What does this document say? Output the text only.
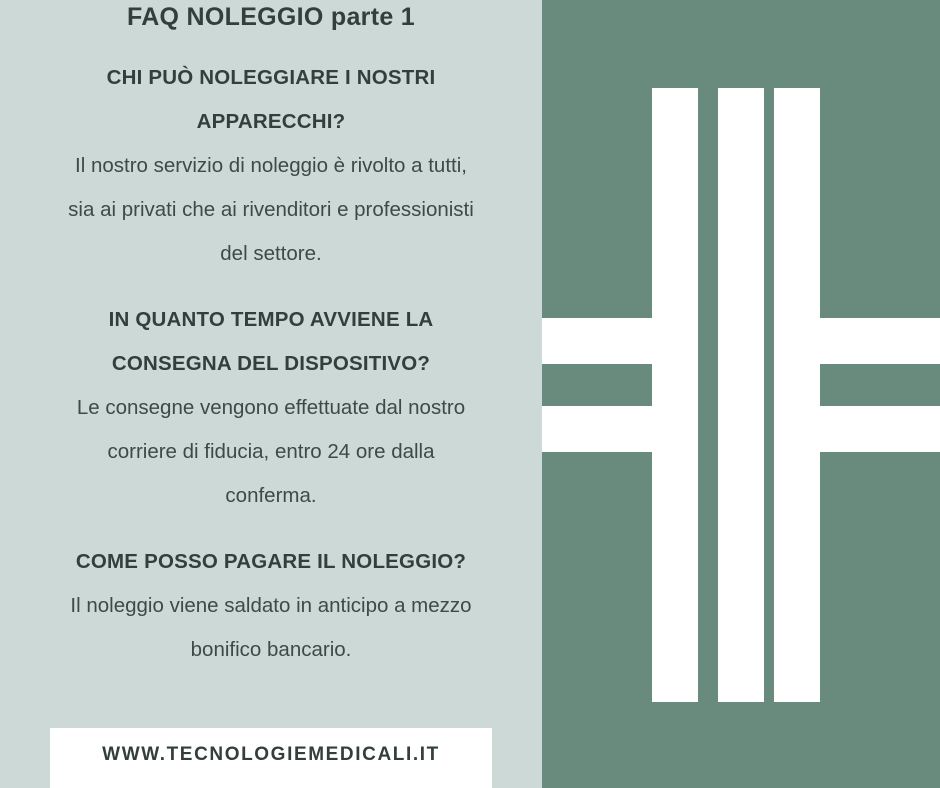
FAQ NOLEGGIO parte 1
CHI PUÒ NOLEGGIARE I NOSTRI
APPARECCHI?
Il nostro servizio di noleggio è rivolto a tutti,
sia ai privati che ai rivenditori e professionisti
del settore.
IN QUANTO TEMPO AVVIENE LA
CONSEGNA DEL DISPOSITIVO?
Le consegne vengono effettuate dal nostro
corriere di fiducia, entro 24 ore dalla
conferma.
COME POSSO PAGARE IL NOLEGGIO?
Il noleggio viene saldato in anticipo a mezzo
bonifico bancario.
WWW.TECNOLOGIEMEDICALI.IT
